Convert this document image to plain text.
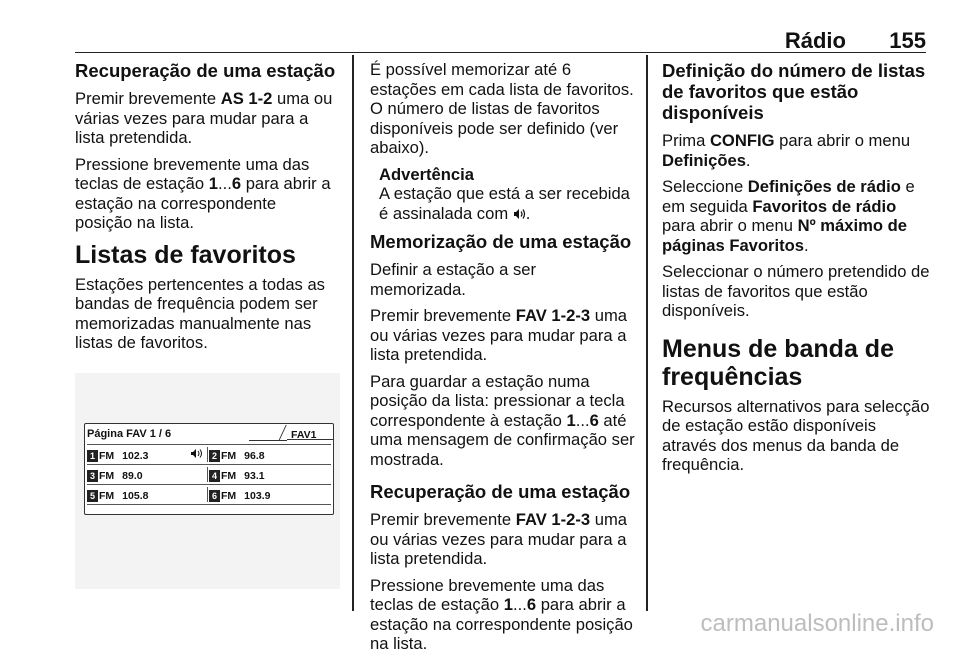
Rádio 155
Recuperação de uma estação

Premir brevemente AS 1-2 uma ou várias vezes para mudar para a lista pretendida.

Pressione brevemente uma das teclas de estação 1...6 para abrir a estação na correspondente posição na lista.

Listas de favoritos

Estações pertencentes a todas as bandas de frequência podem ser memorizadas manualmente nas listas de favoritos.

Página FAV 1 / 6	FAV1
1 FM 102.3	2 FM 96.8
3 FM 89.0	4 FM 93.1
5 FM 105.8	6 FM 103.9

É possível memorizar até 6 estações em cada lista de favoritos. O número de listas de favoritos disponíveis pode ser definido (ver abaixo).

Advertência
A estação que está a ser recebida é assinalada com .
Memorização de uma estação

Definir a estação a ser memorizada.

Premir brevemente FAV 1-2-3 uma ou várias vezes para mudar para a lista pretendida.

Para guardar a estação numa posição da lista: pressionar a tecla correspondente à estação 1...6 até uma mensagem de confirmação ser mostrada.

Recuperação de uma estação

Premir brevemente FAV 1-2-3 uma ou várias vezes para mudar para a lista pretendida.

Pressione brevemente uma das teclas de estação 1...6 para abrir a estação na correspondente posição na lista.

Definição do número de listas de favoritos que estão disponíveis

Prima CONFIG para abrir o menu Definições.

Seleccione Definições de rádio e em seguida Favoritos de rádio para abrir o menu Nº máximo de páginas Favoritos.

Seleccionar o número pretendido de listas de favoritos que estão disponíveis.

Menus de banda de frequências

Recursos alternativos para selecção de estação estão disponíveis através dos menus da banda de frequência.

carmanualsonline.info
